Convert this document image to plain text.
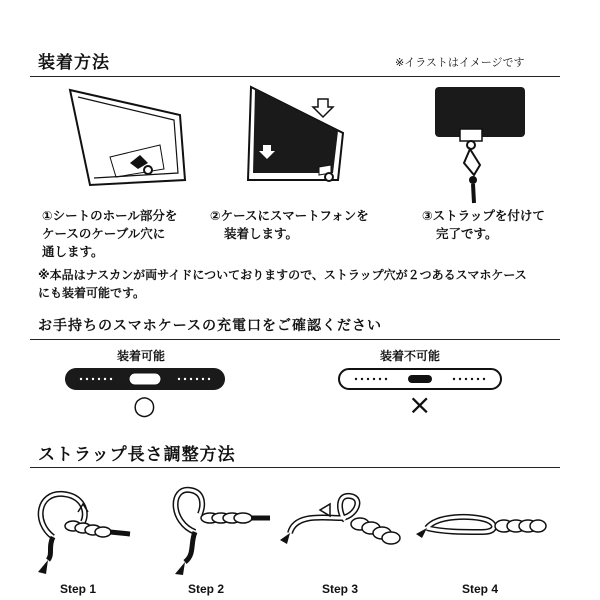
装着方法	※イラストはイメージです
①シートのホール部分を
ケースのケーブル穴に
通します。
②ケースにスマートフォンを
装着します。
③ストラップを付けて
完了です。
※本品はナスカンが両サイドについておりますので、ストラップ穴が２つあるスマホケース
にも装着可能です。
お手持ちのスマホケースの充電口をご確認ください
装着可能	装着不可能
○	×
ストラップ長さ調整方法
Step 1	Step 2	Step 3	Step 4
